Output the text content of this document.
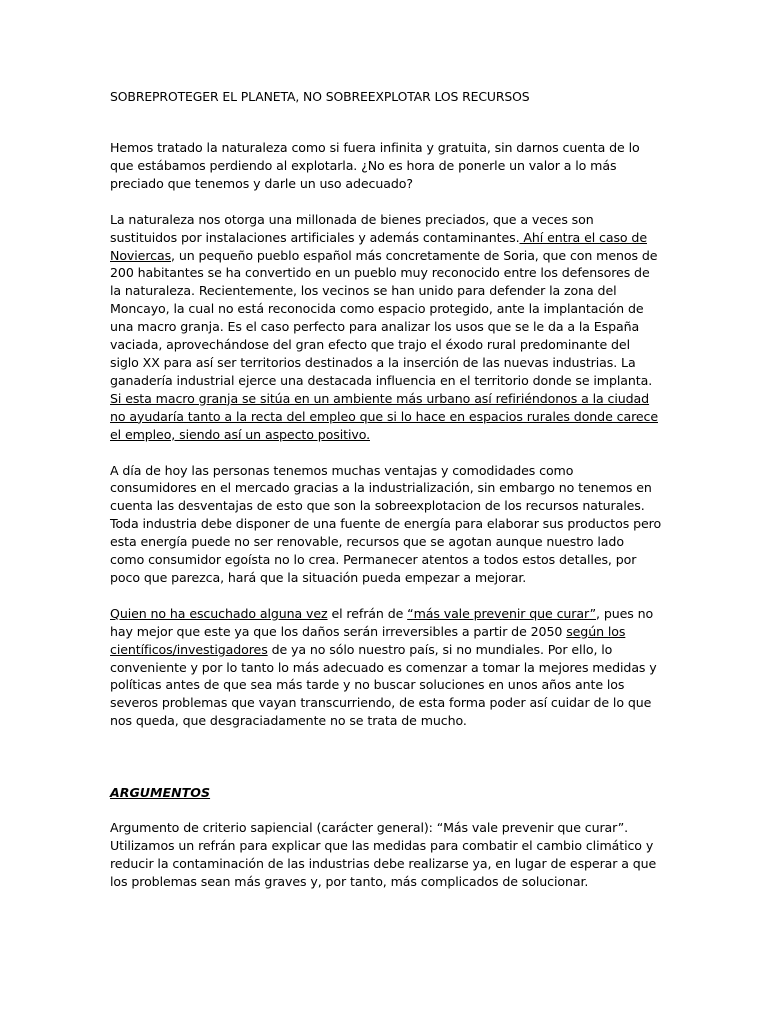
SOBREPROTEGER EL PLANETA, NO SOBREEXPLOTAR LOS RECURSOS

Hemos tratado la naturaleza como si fuera infinita y gratuita, sin darnos cuenta de lo que estábamos perdiendo al explotarla. ¿No es hora de ponerle un valor a lo más preciado que tenemos y darle un uso adecuado?

La naturaleza nos otorga una millonada de bienes preciados, que a veces son sustituidos por instalaciones artificiales y además contaminantes. Ahí entra el caso de Noviercas, un pequeño pueblo español más concretamente de Soria, que con menos de 200 habitantes se ha convertido en un pueblo muy reconocido entre los defensores de la naturaleza. Recientemente, los vecinos se han unido para defender la zona del Moncayo, la cual no está reconocida como espacio protegido, ante la implantación de una macro granja. Es el caso perfecto para analizar los usos que se le da a la España vaciada, aprovechándose del gran efecto que trajo el éxodo rural predominante del siglo XX para así ser territorios destinados a la inserción de las nuevas industrias. La ganadería industrial ejerce una destacada influencia en el territorio donde se implanta. Si esta macro granja se sitúa en un ambiente más urbano así refiriéndonos a la ciudad no ayudaría tanto a la recta del empleo que si lo hace en espacios rurales donde carece el empleo, siendo así un aspecto positivo.

A día de hoy las personas tenemos muchas ventajas y comodidades como consumidores en el mercado gracias a la industrialización, sin embargo no tenemos en cuenta las desventajas de esto que son la sobreexplotacion de los recursos naturales. Toda industria debe disponer de una fuente de energía para elaborar sus productos pero esta energía puede no ser renovable, recursos que se agotan aunque nuestro lado como consumidor egoísta no lo crea. Permanecer atentos a todos estos detalles, por poco que parezca, hará que la situación pueda empezar a mejorar.

Quien no ha escuchado alguna vez el refrán de “más vale prevenir que curar”, pues no hay mejor que este ya que los daños serán irreversibles a partir de 2050 según los científicos/investigadores de ya no sólo nuestro país, si no mundiales. Por ello, lo conveniente y por lo tanto lo más adecuado es comenzar a tomar la mejores medidas y políticas antes de que sea más tarde y no buscar soluciones en unos años ante los severos problemas que vayan transcurriendo, de esta forma poder así cuidar de lo que nos queda, que desgraciadamente no se trata de mucho.

ARGUMENTOS

Argumento de criterio sapiencial (carácter general): “Más vale prevenir que curar”. Utilizamos un refrán para explicar que las medidas para combatir el cambio climático y reducir la contaminación de las industrias debe realizarse ya, en lugar de esperar a que los problemas sean más graves y, por tanto, más complicados de solucionar.
